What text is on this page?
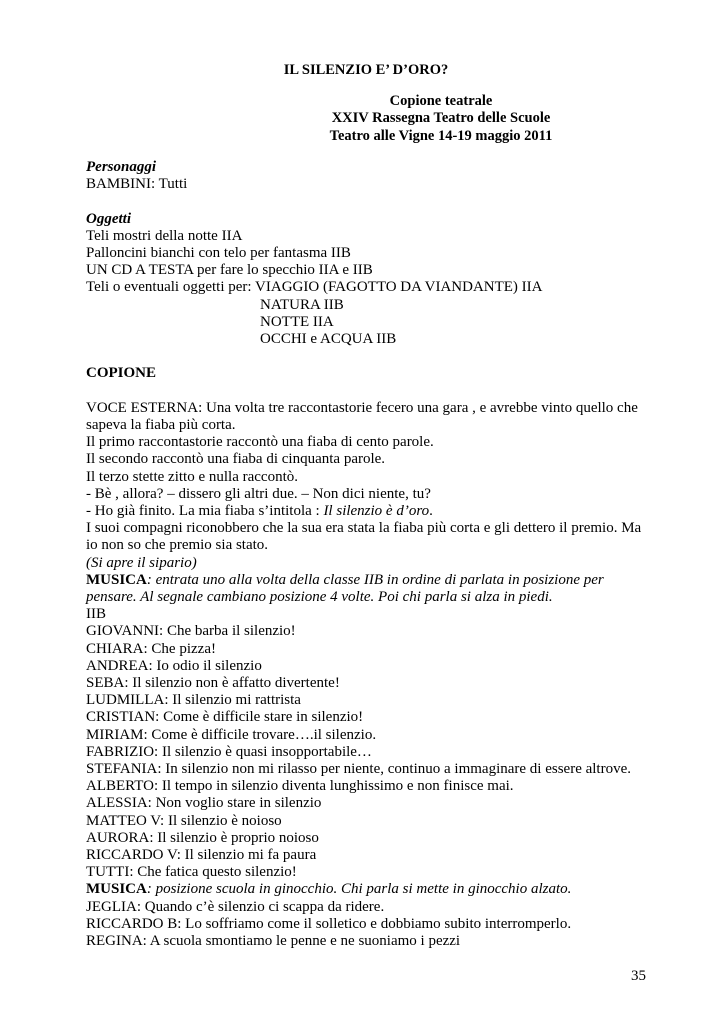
IL SILENZIO E’ D’ORO?
Copione teatrale
XXIV Rassegna Teatro delle Scuole
Teatro alle Vigne 14-19 maggio 2011
Personaggi
BAMBINI: Tutti
Oggetti
Teli mostri della notte IIA
Palloncini bianchi con telo per fantasma IIB
UN CD A TESTA per fare lo specchio IIA e IIB
Teli o eventuali oggetti per: VIAGGIO (FAGOTTO DA VIANDANTE) IIA
NATURA IIB
NOTTE IIA
OCCHI e ACQUA IIB
COPIONE
VOCE ESTERNA: Una volta tre raccontastorie fecero una gara , e avrebbe vinto quello che
sapeva la fiaba più corta.
Il primo raccontastorie raccontò una fiaba di cento parole.
Il secondo raccontò una fiaba di cinquanta parole.
Il terzo stette zitto e nulla raccontò.
- Bè , allora? – dissero gli altri due. – Non dici niente, tu?
- Ho già finito. La mia fiaba s’intitola : Il silenzio è d’oro.
I suoi compagni riconobbero che la sua era stata la fiaba più corta e gli dettero il premio. Ma
io non so che premio sia stato.
(Si apre il sipario)
MUSICA: entrata uno alla volta della classe IIB in ordine di parlata in posizione per
pensare. Al segnale cambiano posizione 4 volte. Poi chi parla si alza in piedi.
IIB
GIOVANNI: Che barba il silenzio!
CHIARA: Che pizza!
ANDREA: Io odio il silenzio
SEBA: Il silenzio non è affatto divertente!
LUDMILLA: Il silenzio mi rattrista
CRISTIAN: Come è difficile stare in silenzio!
MIRIAM: Come è difficile trovare….il silenzio.
FABRIZIO: Il silenzio è quasi insopportabile…
STEFANIA: In silenzio non mi rilasso per niente, continuo a immaginare di essere altrove.
ALBERTO: Il tempo in silenzio diventa lunghissimo e non finisce mai.
ALESSIA: Non voglio stare in silenzio
MATTEO V: Il silenzio è noioso
AURORA: Il silenzio è proprio noioso
RICCARDO V: Il silenzio mi fa paura
TUTTI: Che fatica questo silenzio!
MUSICA: posizione scuola in ginocchio. Chi parla si mette in ginocchio alzato.
JEGLIA: Quando c’è silenzio ci scappa da ridere.
RICCARDO B: Lo soffriamo come il solletico e dobbiamo subito interromperlo.
REGINA: A scuola smontiamo le penne e ne suoniamo i pezzi
35
